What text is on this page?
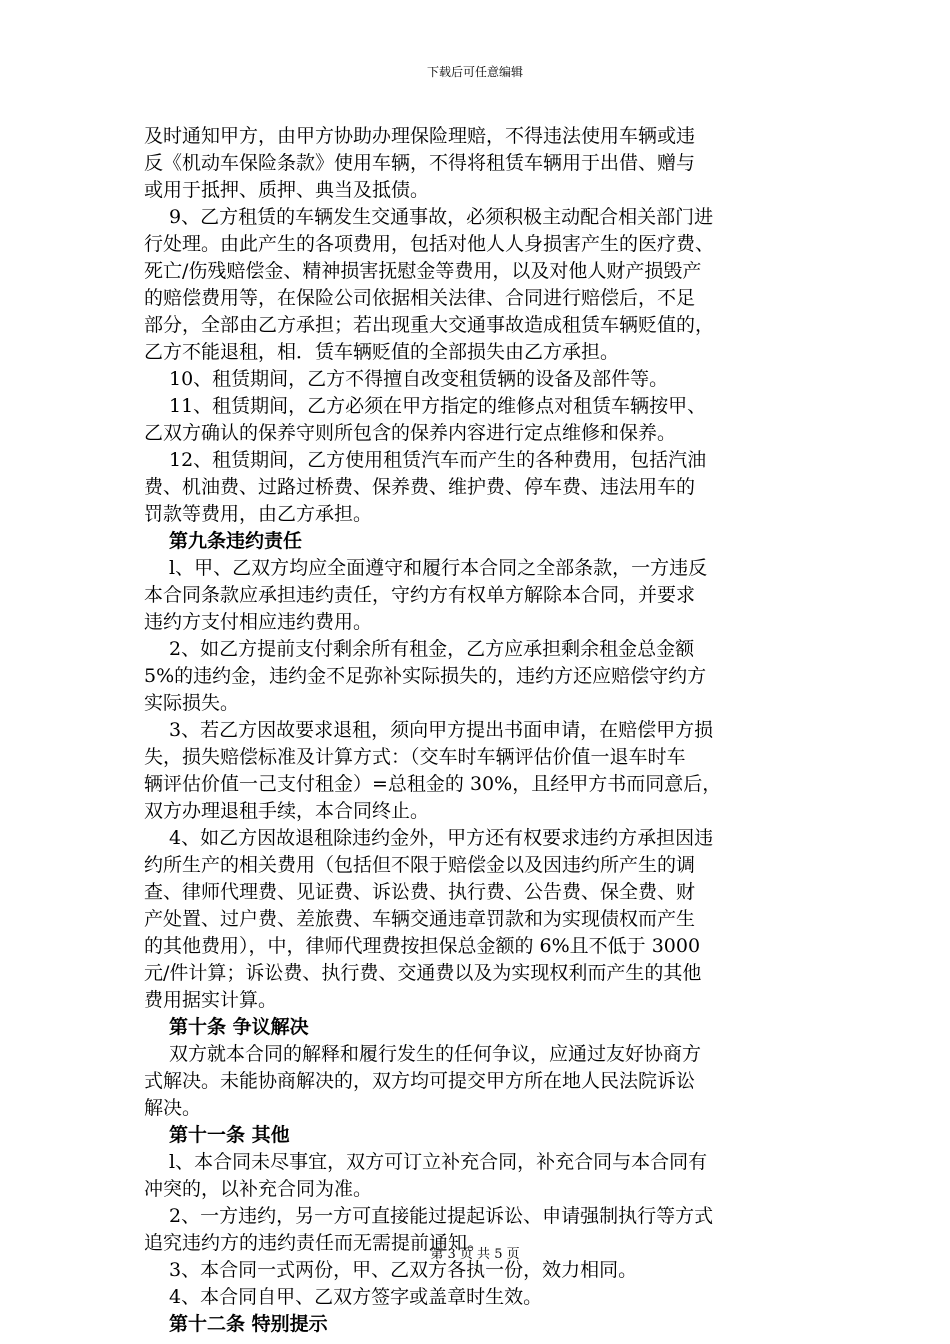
下载后可任意编辑
及时通知甲方，由甲方协助办理保险理赔，不得违法使用车辆或违
反《机动车保险条款》使用车辆，不得将租赁车辆用于出借、赠与
或用于抵押、质押、典当及抵债。
9、乙方租赁的车辆发生交通事故，必须积极主动配合相关部门进
行处理。由此产生的各项费用，包括对他人人身损害产生的医疗费、
死亡/伤残赔偿金、精神损害抚慰金等费用，以及对他人财产损毁产
的赔偿费用等，在保险公司依据相关法律、合同进行赔偿后，不足
部分，全部由乙方承担；若出现重大交通事故造成租赁车辆贬值的，
乙方不能退租，相．赁车辆贬值的全部损失由乙方承担。
10、租赁期间，乙方不得擅自改变租赁辆的设备及部件等。
11、租赁期间，乙方必须在甲方指定的维修点对租赁车辆按甲、
乙双方确认的保养守则所包含的保养内容进行定点维修和保养。
12、租赁期间，乙方使用租赁汽车而产生的各种费用，包括汽油
费、机油费、过路过桥费、保养费、维护费、停车费、违法用车的
罚款等费用，由乙方承担。
第九条违约责任
l、甲、乙双方均应全面遵守和履行本合同之全部条款，一方违反
本合同条款应承担违约责任，守约方有权单方解除本合同，并要求
违约方支付相应违约费用。
2、如乙方提前支付剩余所有租金，乙方应承担剩余租金总金额
5%的违约金，违约金不足弥补实际损失的，违约方还应赔偿守约方
实际损失。
3、若乙方因故要求退租，须向甲方提出书面申请，在赔偿甲方损
失，损失赔偿标准及计算方式：（交车时车辆评估价值一退车时车
辆评估价值一己支付租金）=总租金的 30%，且经甲方书而同意后，
双方办理退租手续，本合同终止。
4、如乙方因故退租除违约金外，甲方还有权要求违约方承担因违
约所生产的相关费用（包括但不限于赔偿金以及因违约所产生的调
查、律师代理费、见证费、诉讼费、执行费、公告费、保全费、财
产处置、过户费、差旅费、车辆交通违章罚款和为实现债权而产生
的其他费用），中，律师代理费按担保总金额的 6%且不低于 3000
元/件计算；诉讼费、执行费、交通费以及为实现权利而产生的其他
费用据实计算。
第十条 争议解决
双方就本合同的解释和履行发生的任何争议，应通过友好协商方
式解决。未能协商解决的，双方均可提交甲方所在地人民法院诉讼
解决。
第十一条 其他
l、本合同未尽事宜，双方可订立补充合同，补充合同与本合同有
冲突的，以补充合同为准。
2、一方违约，另一方可直接能过提起诉讼、申请强制执行等方式
追究违约方的违约责任而无需提前通知。
3、本合同一式两份，甲、乙双方各执一份，效力相同。
4、本合同自甲、乙双方签字或盖章时生效。
第十二条 特别提示
第 3 页 共 5 页
